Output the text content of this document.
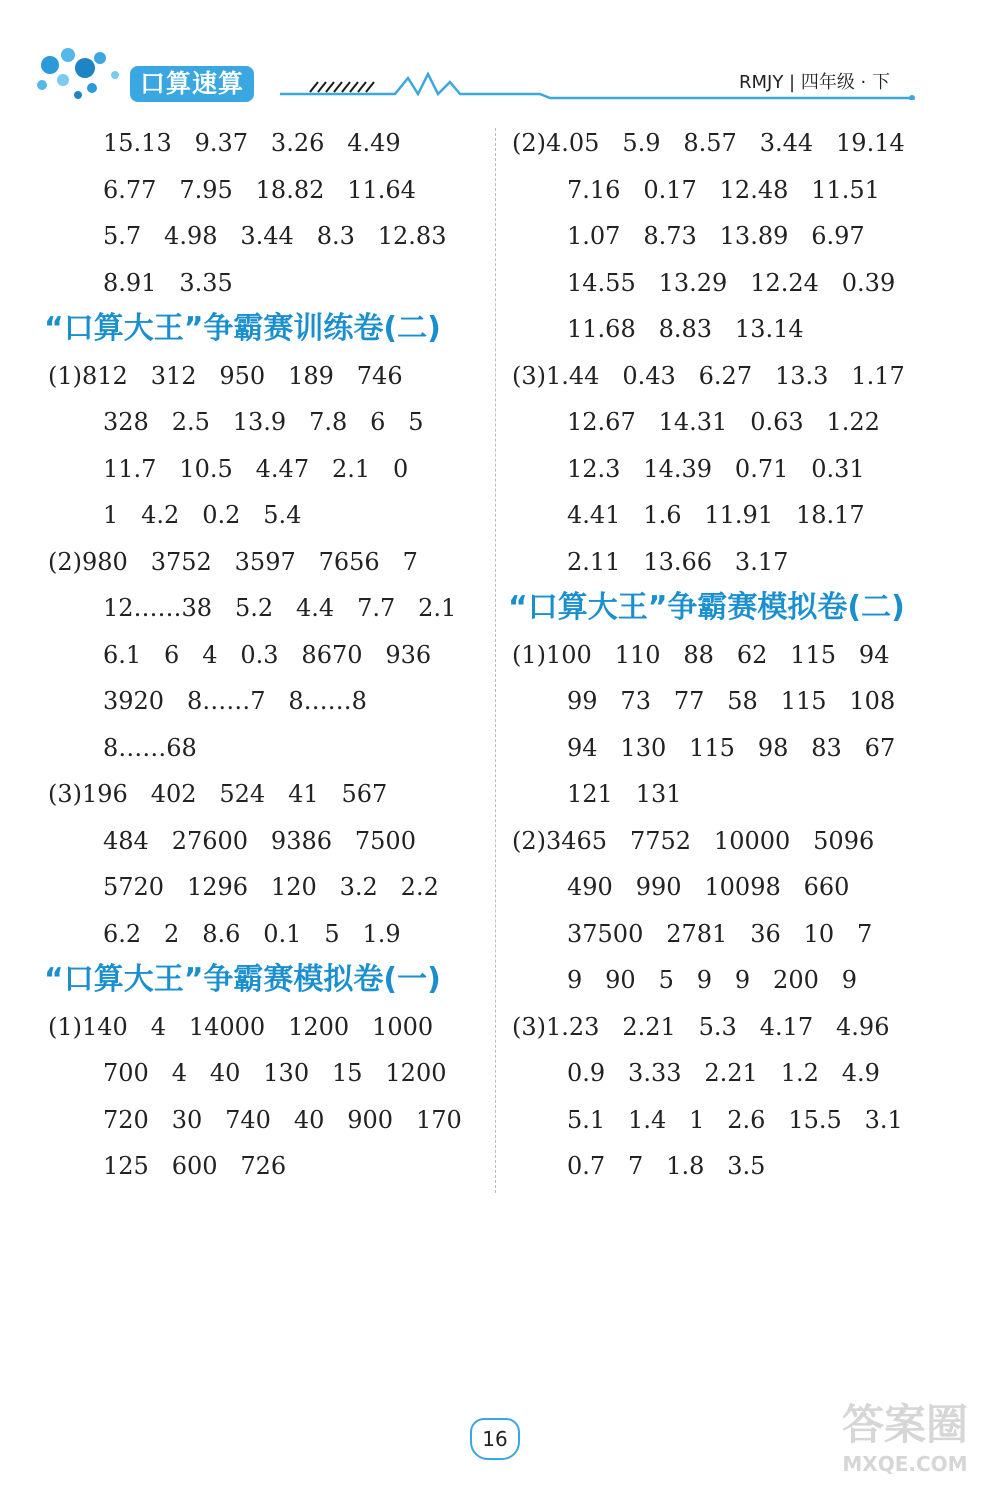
口算速算	RMJY | 四年级 · 下
15.13   9.37   3.26   4.49
6.77   7.95   18.82   11.64
5.7   4.98   3.44   8.3   12.83
8.91   3.35
“口算大王”争霸赛训练卷(二)
(1)812   312   950   189   746
328   2.5   13.9   7.8   6   5
11.7   10.5   4.47   2.1   0
1   4.2   0.2   5.4
(2)980   3752   3597   7656   7
12……38   5.2   4.4   7.7   2.1
6.1   6   4   0.3   8670   936
3920   8……7   8……8
8……68
(3)196   402   524   41   567
484   27600   9386   7500
5720   1296   120   3.2   2.2
6.2   2   8.6   0.1   5   1.9
“口算大王”争霸赛模拟卷(一)
(1)140   4   14000   1200   1000
700   4   40   130   15   1200
720   30   740   40   900   170
125   600   726
(2)4.05   5.9   8.57   3.44   19.14
7.16   0.17   12.48   11.51
1.07   8.73   13.89   6.97
14.55   13.29   12.24   0.39
11.68   8.83   13.14
(3)1.44   0.43   6.27   13.3   1.17
12.67   14.31   0.63   1.22
12.3   14.39   0.71   0.31
4.41   1.6   11.91   18.17
2.11   13.66   3.17
“口算大王”争霸赛模拟卷(二)
(1)100   110   88   62   115   94
99   73   77   58   115   108
94   130   115   98   83   67
121   131
(2)3465   7752   10000   5096
490   990   10098   660
37500   2781   36   10   7
9   90   5   9   9   200   9
(3)1.23   2.21   5.3   4.17   4.96
0.9   3.33   2.21   1.2   4.9
5.1   1.4   1   2.6   15.5   3.1
0.7   7   1.8   3.5
16	答案圈
MXQE.COM
